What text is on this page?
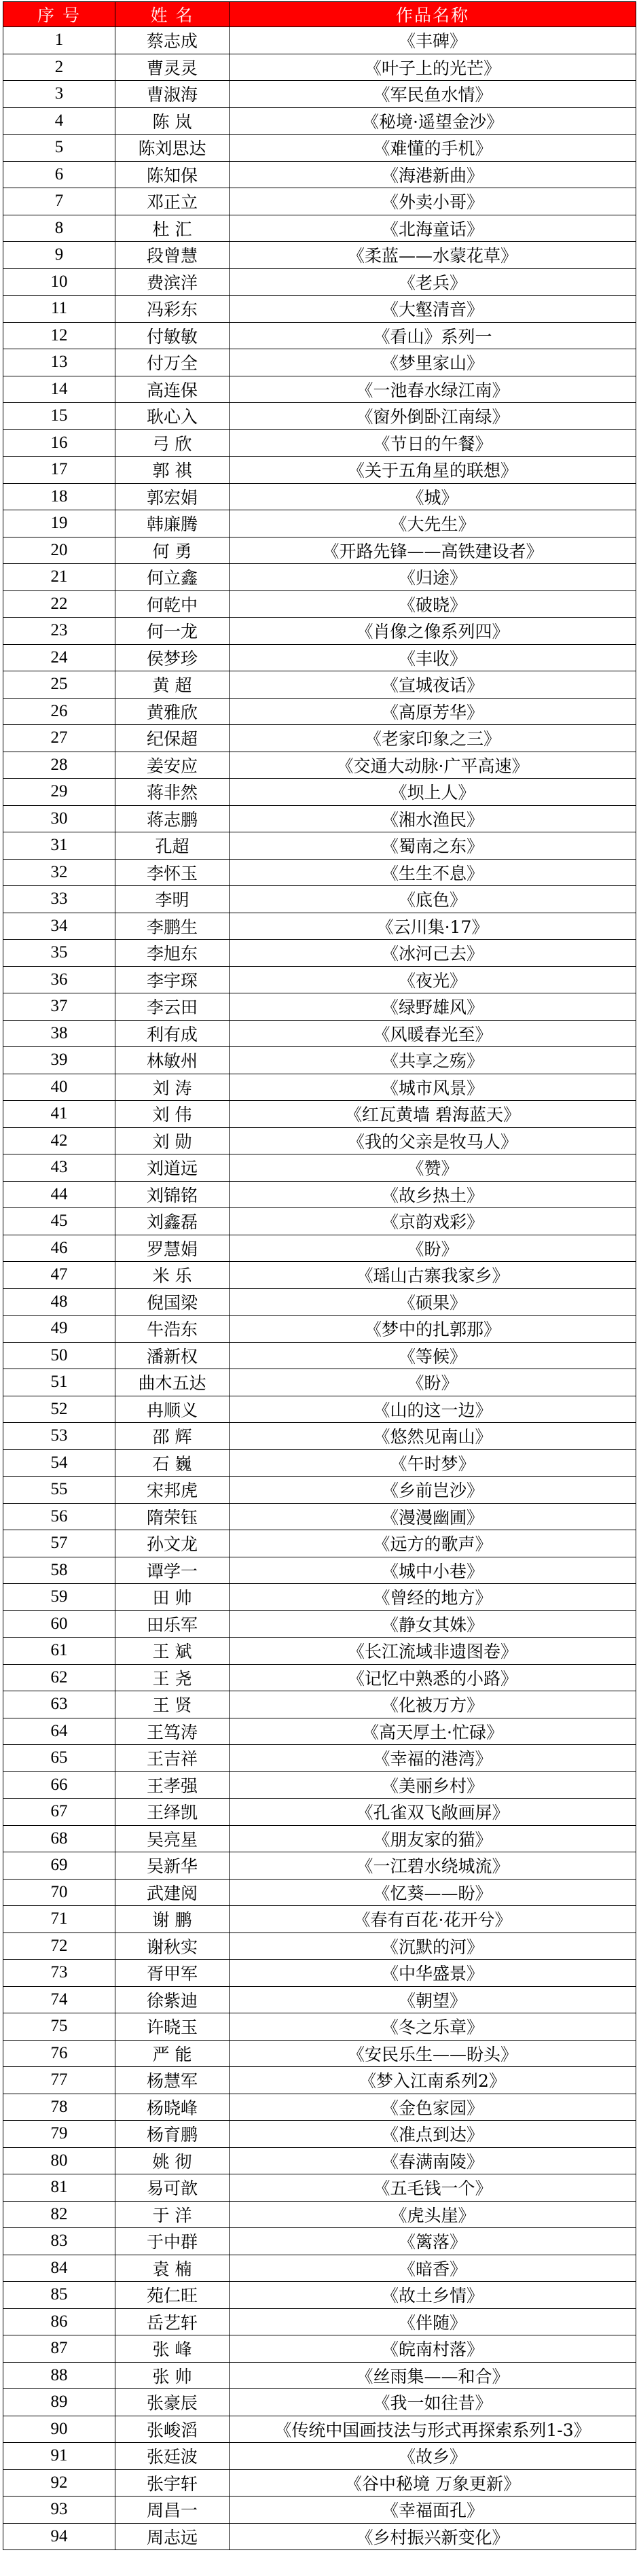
序 号	姓 名	作品名称
1	蔡志成	《丰碑》
2	曹灵灵	《叶子上的光芒》
3	曹淑海	《军民鱼水情》
4	陈 岚	《秘境·遥望金沙》
5	陈刘思达	《难懂的手机》
6	陈知保	《海港新曲》
7	邓正立	《外卖小哥》
8	杜 汇	《北海童话》
9	段曾慧	《柔蓝——水蒙花草》
10	费滨洋	《老兵》
11	冯彩东	《大壑清音》
12	付敏敏	《看山》系列一
13	付万全	《梦里家山》
14	高连保	《一池春水绿江南》
15	耿心入	《窗外倒卧江南绿》
16	弓 欣	《节日的午餐》
17	郭 祺	《关于五角星的联想》
18	郭宏娟	《城》
19	韩廉腾	《大先生》
20	何 勇	《开路先锋——高铁建设者》
21	何立鑫	《归途》
22	何乾中	《破晓》
23	何一龙	《肖像之像系列四》
24	侯梦珍	《丰收》
25	黄 超	《宣城夜话》
26	黄雅欣	《高原芳华》
27	纪保超	《老家印象之三》
28	姜安应	《交通大动脉·广平高速》
29	蒋非然	《坝上人》
30	蒋志鹏	《湘水渔民》
31	孔超	《蜀南之东》
32	李怀玉	《生生不息》
33	李明	《底色》
34	李鹏生	《云川集·17》
35	李旭东	《冰河己去》
36	李宇琛	《夜光》
37	李云田	《绿野雄风》
38	利有成	《风暖春光至》
39	林敏州	《共享之殇》
40	刘 涛	《城市风景》
41	刘 伟	《红瓦黄墙 碧海蓝天》
42	刘 勋	《我的父亲是牧马人》
43	刘道远	《赞》
44	刘锦铭	《故乡热土》
45	刘鑫磊	《京韵戏彩》
46	罗慧娟	《盼》
47	米 乐	《瑶山古寨我家乡》
48	倪国梁	《硕果》
49	牛浩东	《梦中的扎郭那》
50	潘新权	《等候》
51	曲木五达	《盼》
52	冉顺义	《山的这一边》
53	邵 辉	《悠然见南山》
54	石 巍	《午时梦》
55	宋邦虎	《乡前岂沙》
56	隋荣钰	《漫漫幽圃》
57	孙文龙	《远方的歌声》
58	谭学一	《城中小巷》
59	田 帅	《曾经的地方》
60	田乐军	《静女其姝》
61	王 斌	《长江流域非遗图卷》
62	王 尧	《记忆中熟悉的小路》
63	王 贤	《化被万方》
64	王笃涛	《高天厚土·忙碌》
65	王吉祥	《幸福的港湾》
66	王孝强	《美丽乡村》
67	王绎凯	《孔雀双飞敞画屏》
68	吴亮星	《朋友家的猫》
69	吴新华	《一江碧水绕城流》
70	武建阅	《忆葵——盼》
71	谢 鹏	《春有百花·花开兮》
72	谢秋实	《沉默的河》
73	胥甲军	《中华盛景》
74	徐紫迪	《朝望》
75	许晓玉	《冬之乐章》
76	严 能	《安民乐生——盼头》
77	杨慧军	《梦入江南系列2》
78	杨晓峰	《金色家园》
79	杨育鹏	《准点到达》
80	姚 彻	《春满南陵》
81	易可歆	《五毛钱一个》
82	于 洋	《虎头崖》
83	于中群	《篱落》
84	袁 楠	《暗香》
85	苑仁旺	《故土乡情》
86	岳艺轩	《伴随》
87	张 峰	《皖南村落》
88	张 帅	《丝雨集——和合》
89	张豪辰	《我一如往昔》
90	张峻滔	《传统中国画技法与形式再探索系列1-3》
91	张廷波	《故乡》
92	张宇轩	《谷中秘境 万象更新》
93	周昌一	《幸福面孔》
94	周志远	《乡村振兴新变化》
